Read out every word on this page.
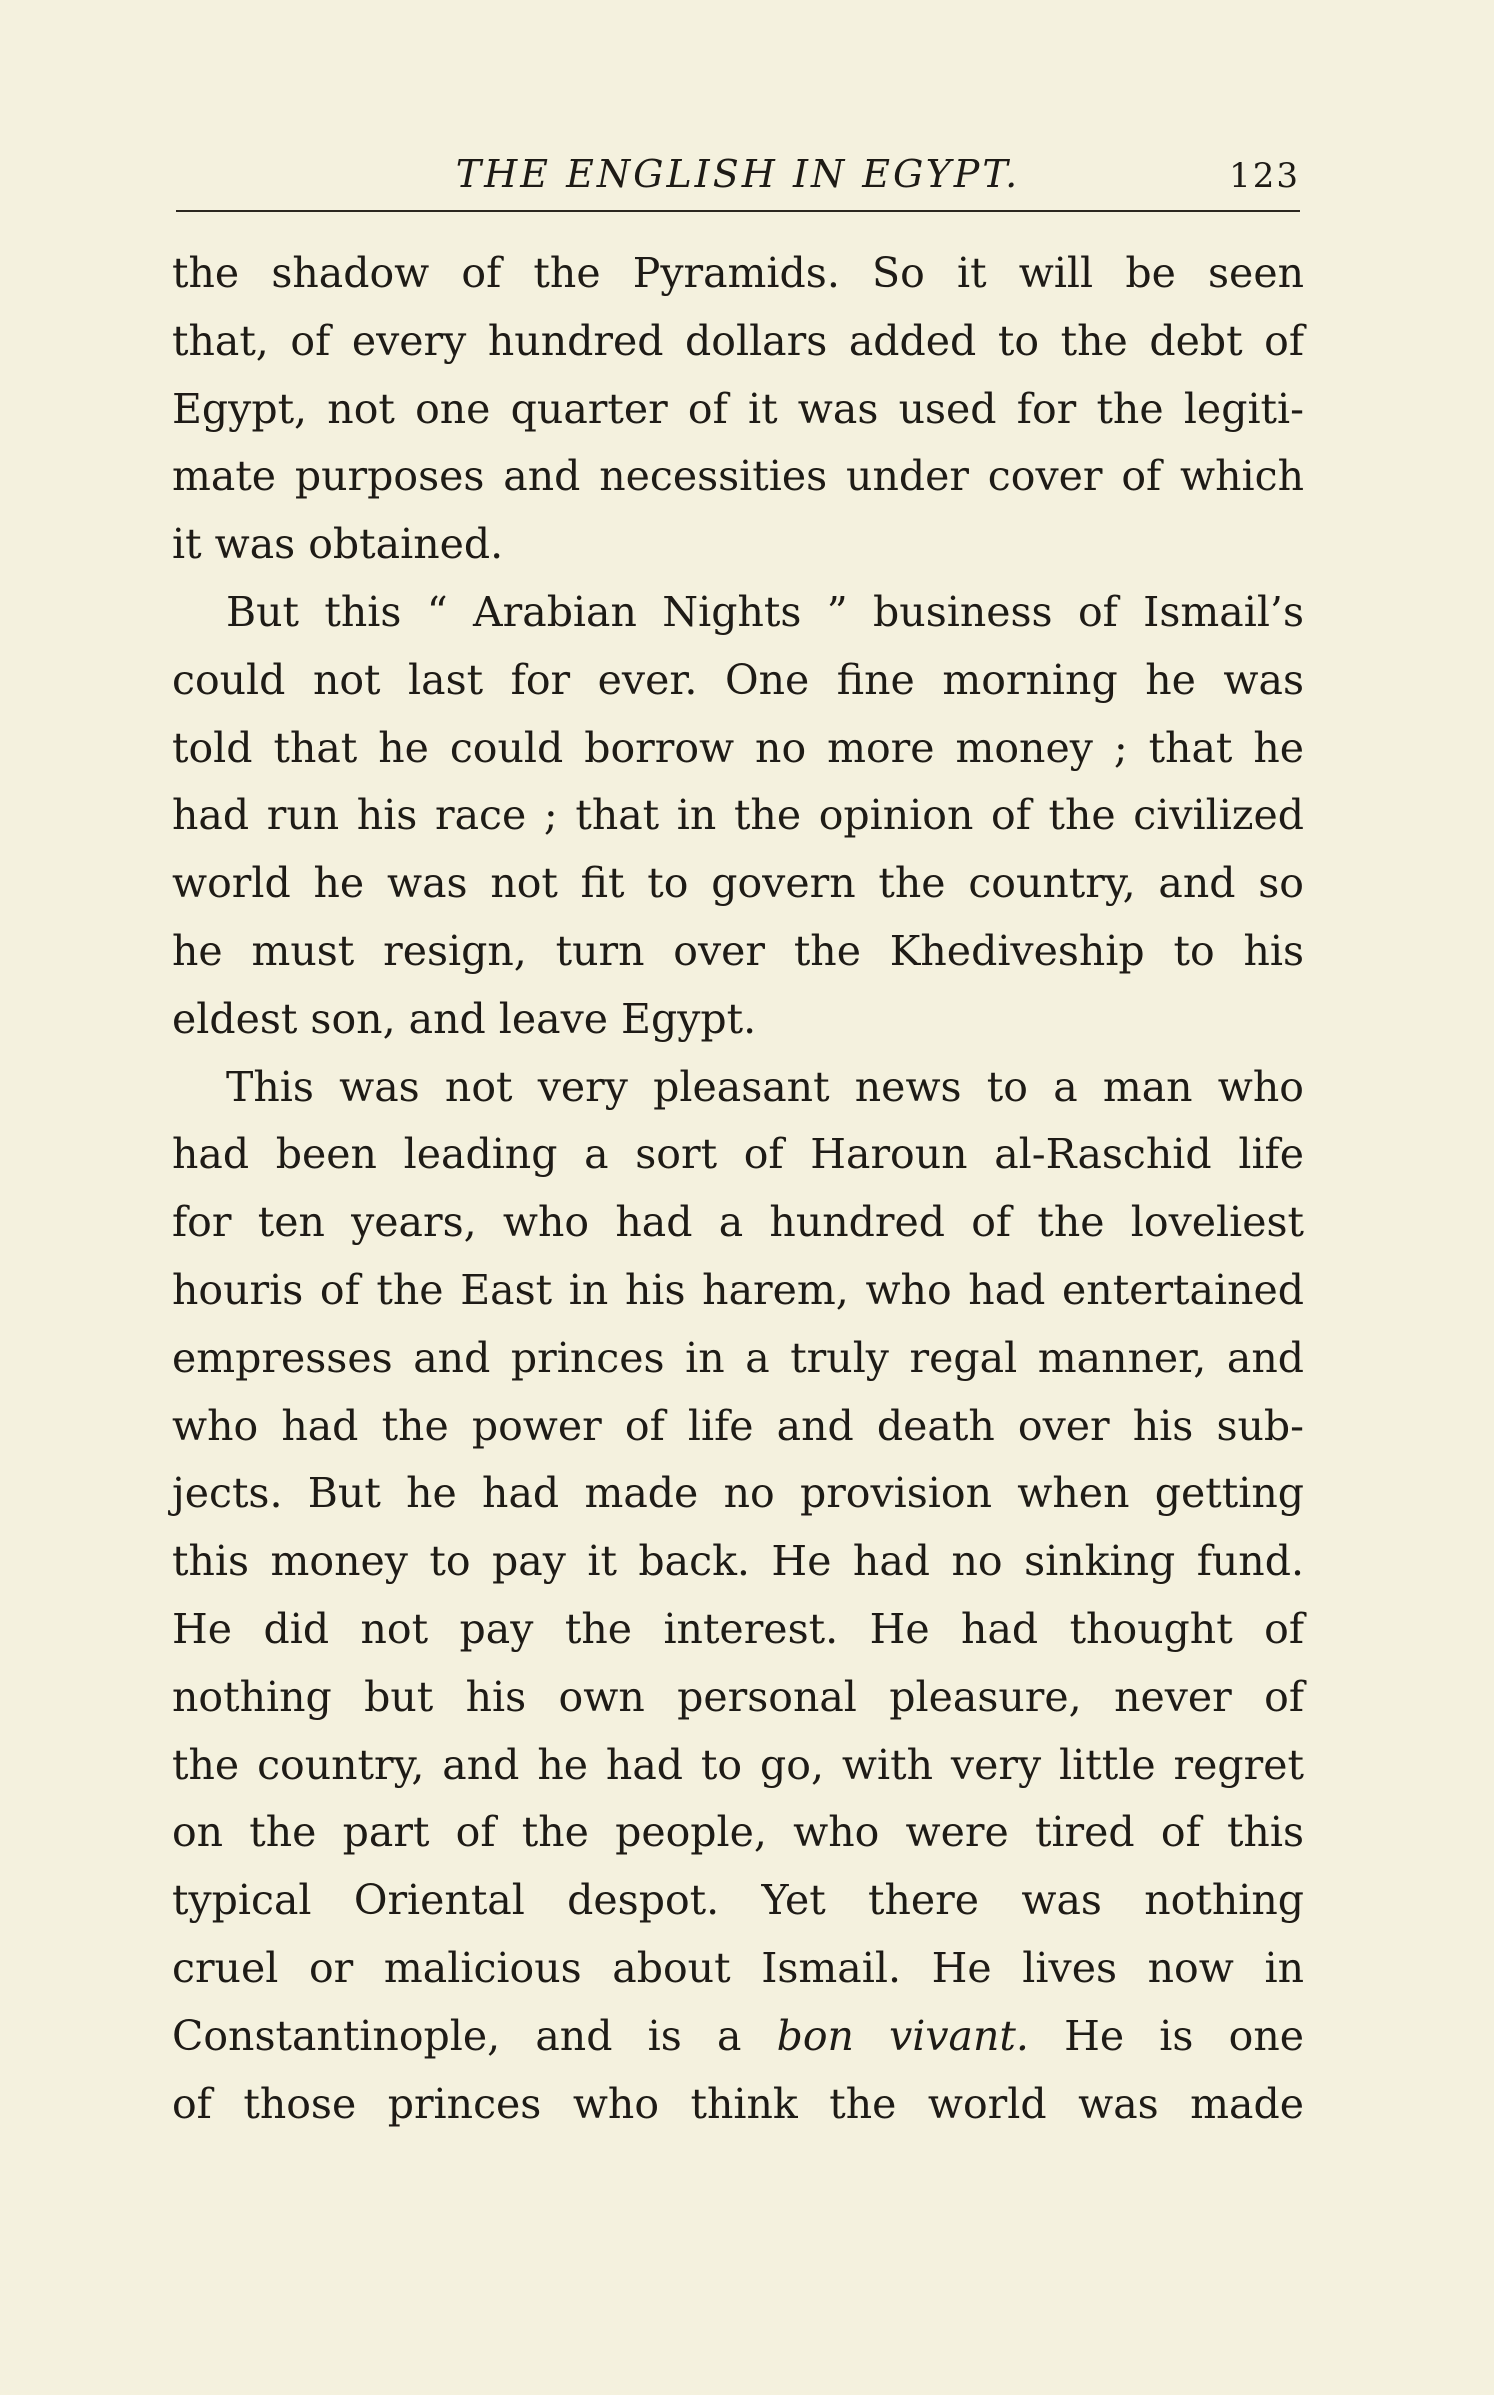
THE ENGLISH IN EGYPT.	123
the shadow of the Pyramids. So it will be seen
that, of every hundred dollars added to the debt of
Egypt, not one quarter of it was used for the legiti-
mate purposes and necessities under cover of which
it was obtained.
But this “ Arabian Nights ” business of Ismail’s
could not last for ever. One fine morning he was
told that he could borrow no more money ; that he
had run his race ; that in the opinion of the civilized
world he was not fit to govern the country, and so
he must resign, turn over the Khediveship to his
eldest son, and leave Egypt.
This was not very pleasant news to a man who
had been leading a sort of Haroun al-Raschid life
for ten years, who had a hundred of the loveliest
houris of the East in his harem, who had entertained
empresses and princes in a truly regal manner, and
who had the power of life and death over his sub-
jects. But he had made no provision when getting
this money to pay it back. He had no sinking fund.
He did not pay the interest. He had thought of
nothing but his own personal pleasure, never of
the country, and he had to go, with very little regret
on the part of the people, who were tired of this
typical Oriental despot. Yet there was nothing
cruel or malicious about Ismail. He lives now in
Constantinople, and is a bon vivant. He is one
of those princes who think the world was made
